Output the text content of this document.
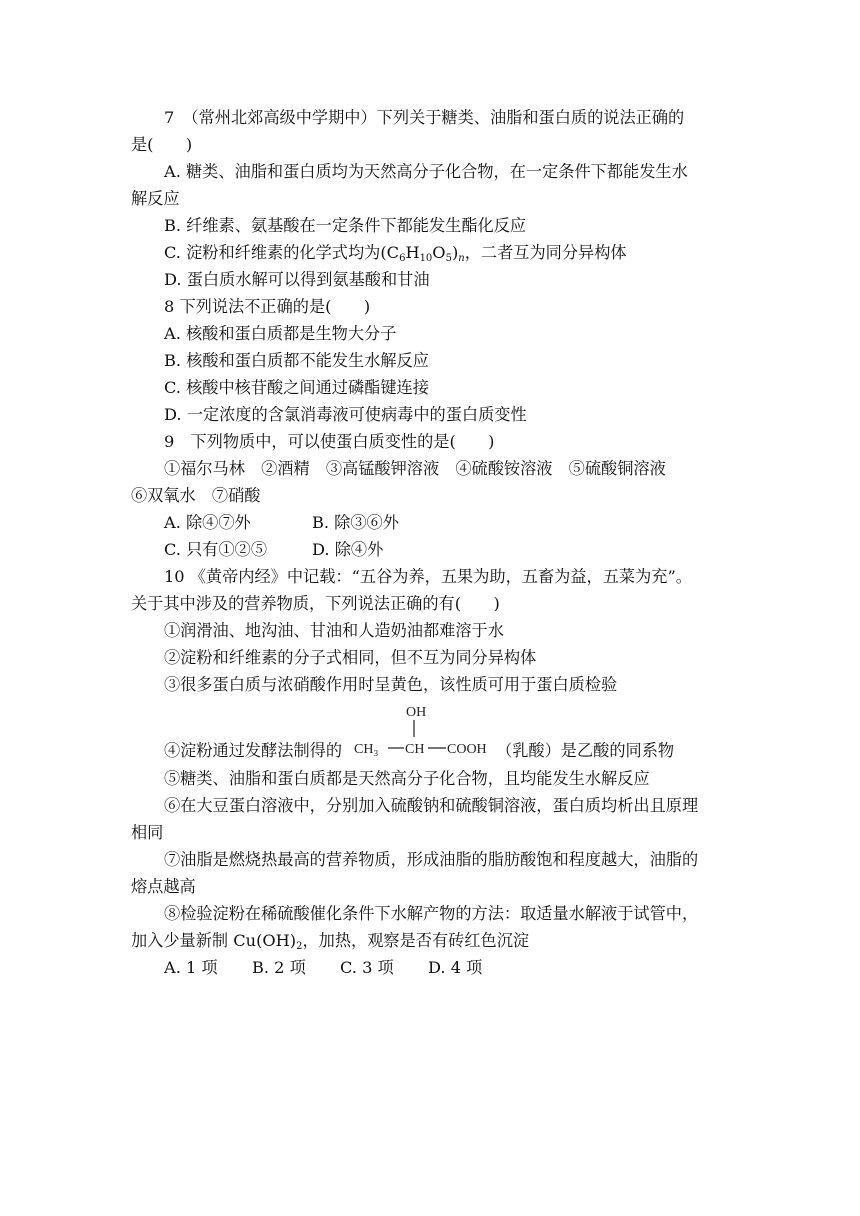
7　（常州北郊高级中学期中）下列关于糖类、油脂和蛋白质的说法正确的
是(　　)
A. 糖类、油脂和蛋白质均为天然高分子化合物，在一定条件下都能发生水
解反应
B. 纤维素、氨基酸在一定条件下都能发生酯化反应
C. 淀粉和纤维素的化学式均为$(C_6H_{10}O_5)_n$，二者互为同分异构体
D. 蛋白质水解可以得到氨基酸和甘油
8 下列说法不正确的是(　　)
A. 核酸和蛋白质都是生物大分子
B. 核酸和蛋白质都不能发生水解反应
C. 核酸中核苷酸之间通过磷酯键连接
D. 一定浓度的含氯消毒液可使病毒中的蛋白质变性
9　下列物质中，可以使蛋白质变性的是(　　)
①福尔马林　②酒精　③高锰酸钾溶液　④硫酸铵溶液　⑤硫酸铜溶液
⑥双氧水　⑦硝酸
A. 除④⑦外	B. 除③⑥外
C. 只有①②⑤	D. 除④外
10 《黄帝内经》中记载：“五谷为养，五果为助，五畜为益，五菜为充”。
关于其中涉及的营养物质，下列说法正确的有(　　)
①润滑油、地沟油、甘油和人造奶油都难溶于水
②淀粉和纤维素的分子式相同，但不互为同分异构体
③很多蛋白质与浓硝酸作用时呈黄色，该性质可用于蛋白质检验
④淀粉通过发酵法制得的	（乳酸）是乙酸的同系物
OH
CH₃ CH COOH
⑤糖类、油脂和蛋白质都是天然高分子化合物，且均能发生水解反应
⑥在大豆蛋白溶液中，分别加入硫酸钠和硫酸铜溶液，蛋白质均析出且原理
相同
⑦油脂是燃烧热最高的营养物质，形成油脂的脂肪酸饱和程度越大，油脂的
熔点越高
⑧检验淀粉在稀硫酸催化条件下水解产物的方法：取适量水解液于试管中，
加入少量新制 $Cu(OH)_2$，加热，观察是否有砖红色沉淀
A. 1 项 B. 2 项 C. 3 项 D. 4 项
